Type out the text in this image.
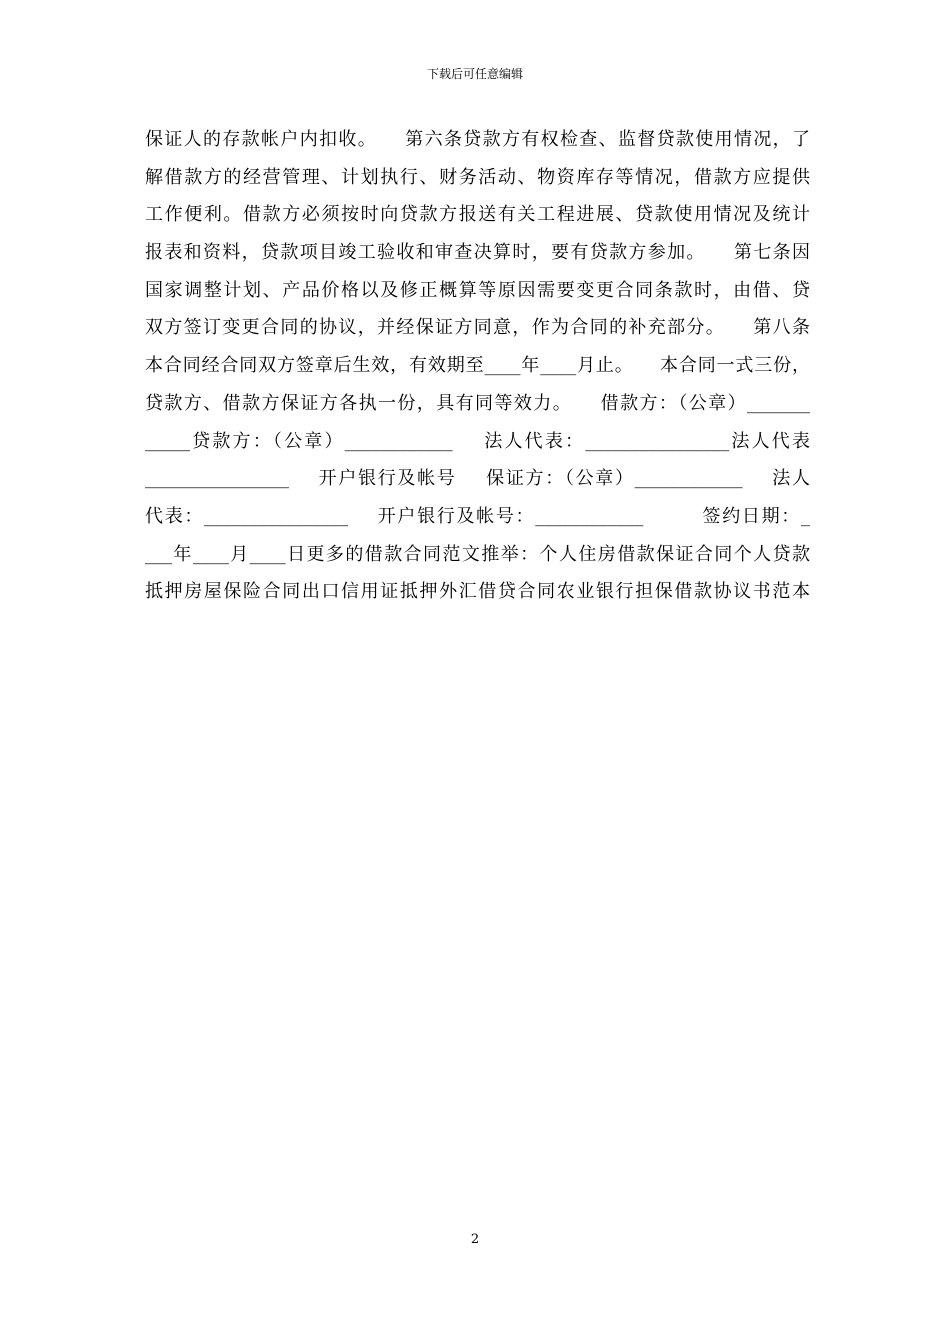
下载后可任意编辑
保证人的存款帐户内扣收。    第六条贷款方有权检查、监督贷款使用情况，了
解借款方的经营管理、计划执行、财务活动、物资库存等情况，借款方应提供
工作便利。借款方必须按时向贷款方报送有关工程进展、贷款使用情况及统计
报表和资料，贷款项目竣工验收和审查决算时，要有贷款方参加。    第七条因
国家调整计划、产品价格以及修正概算等原因需要变更合同条款时，由借、贷
双方签订变更合同的协议，并经保证方同意，作为合同的补充部分。    第八条
本合同经合同双方签章后生效，有效期至____年____月止。    本合同一式三份，
贷款方、借款方保证方各执一份，具有同等效力。    借款方：（公章）_______
_____贷款方：（公章）____________    法人代表：________________法人代表
________________    开户银行及帐号    保证方：（公章）____________    法人
代表：________________    开户银行及帐号：____________        签约日期：_
___年____月____日更多的借款合同范文推举：个人住房借款保证合同个人贷款
抵押房屋保险合同出口信用证抵押外汇借贷合同农业银行担保借款协议书范本
2
